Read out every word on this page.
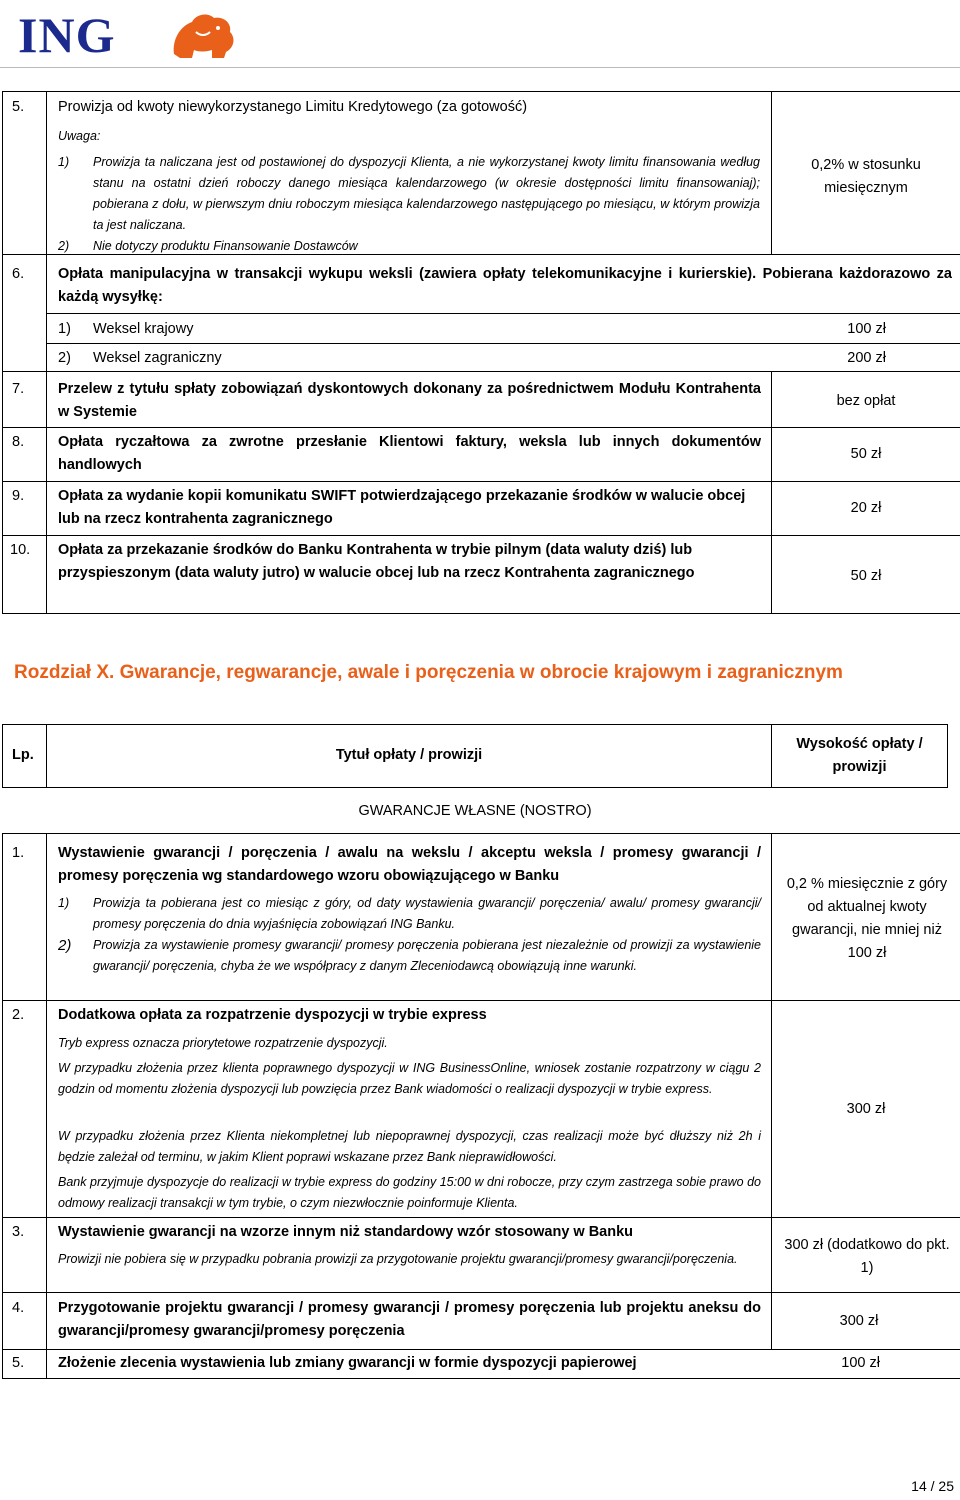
ING
5. Prowizja od kwoty niewykorzystanego Limitu Kredytowego (za gotowość)
Uwaga:
1) Prowizja ta naliczana jest od postawionej do dyspozycji Klienta, a nie wykorzystanej kwoty limitu finansowania według stanu na ostatni dzień roboczy danego miesiąca kalendarzowego (w okresie dostępności limitu finansowaniaj); pobierana z dołu, w pierwszym dniu roboczym miesiąca kalendarzowego następującego po miesiącu, w którym prowizja ta jest naliczana.
2) Nie dotyczy produktu Finansowanie Dostawców
0,2% w stosunku
miesięcznym
6. Opłata manipulacyjna w transakcji wykupu weksli (zawiera opłaty telekomunikacyjne i kurierskie). Pobierana każdorazowo za każdą wysyłkę:
1) Weksel krajowy	100 zł
2) Weksel zagraniczny	200 zł
7. Przelew z tytułu spłaty zobowiązań dyskontowych dokonany za pośrednictwem Modułu Kontrahenta w Systemie
bez opłat
8. Opłata ryczałtowa za zwrotne przesłanie Klientowi faktury, weksla lub innych dokumentów handlowych
50 zł
9. Opłata za wydanie kopii komunikatu SWIFT potwierdzającego przekazanie środków w walucie obcej lub na rzecz kontrahenta zagranicznego
20 zł
10. Opłata za przekazanie środków do Banku Kontrahenta w trybie pilnym (data waluty dziś) lub przyspieszonym (data waluty jutro) w walucie obcej lub na rzecz Kontrahenta zagranicznego	50 zł
Rozdział X. Gwarancje, regwarancje, awale i poręczenia w obrocie krajowym i zagranicznym
Lp.	Tytuł opłaty / prowizji
Wysokość opłaty /
prowizji
GWARANCJE WŁASNE (NOSTRO)
1. Wystawienie gwarancji / poręczenia / awalu na wekslu / akceptu weksla / promesy gwarancji / promesy poręczenia wg standardowego wzoru obowiązującego w Banku
1) Prowizja ta pobierana jest co miesiąc z góry, od daty wystawienia gwarancji/ poręczenia/ awalu/ promesy gwarancji/ promesy poręczenia do dnia wyjaśnięcia zobowiązań ING Banku.
2) Prowizja za wystawienie promesy gwarancji/ promesy poręczenia pobierana jest niezależnie od prowizji za wystawienie gwarancji/ poręczenia, chyba że we współpracy z danym Zleceniodawcą obowiązują inne warunki.
0,2 % miesięcznie z góry od aktualnej kwoty gwarancji, nie mniej niż 100 zł
2. Dodatkowa opłata za rozpatrzenie dyspozycji w trybie express
Tryb express oznacza priorytetowe rozpatrzenie dyspozycji.
W przypadku złożenia przez klienta poprawnego dyspozycji w ING BusinessOnline, wniosek zostanie rozpatrzony w ciągu 2 godzin od momentu złożenia dyspozycji lub powzięcia przez Bank wiadomości o realizacji dyspozycji w trybie express.
W przypadku złożenia przez Klienta niekompletnej lub niepoprawnej dyspozycji, czas realizacji może być dłuższy niż 2h i będzie zależał od terminu, w jakim Klient poprawi wskazane przez Bank nieprawidłowości.
Bank przyjmuje dyspozycje do realizacji w trybie express do godziny 15:00 w dni robocze, przy czym zastrzega sobie prawo do odmowy realizacji transakcji w tym trybie, o czym niezwłocznie poinformuje Klienta.
300 zł
3. Wystawienie gwarancji na wzorze innym niż standardowy wzór stosowany w Banku
Prowizji nie pobiera się w przypadku pobrania prowizji za przygotowanie projektu gwarancji/promesy gwarancji/poręczenia.
300 zł (dodatkowo do pkt. 1)
4. Przygotowanie projektu gwarancji / promesy gwarancji / promesy poręczenia lub projektu aneksu do gwarancji/promesy gwarancji/promesy poręczenia
300 zł
5. Złożenie zlecenia wystawienia lub zmiany gwarancji w formie dyspozycji papierowej	100 zł
14 / 25
